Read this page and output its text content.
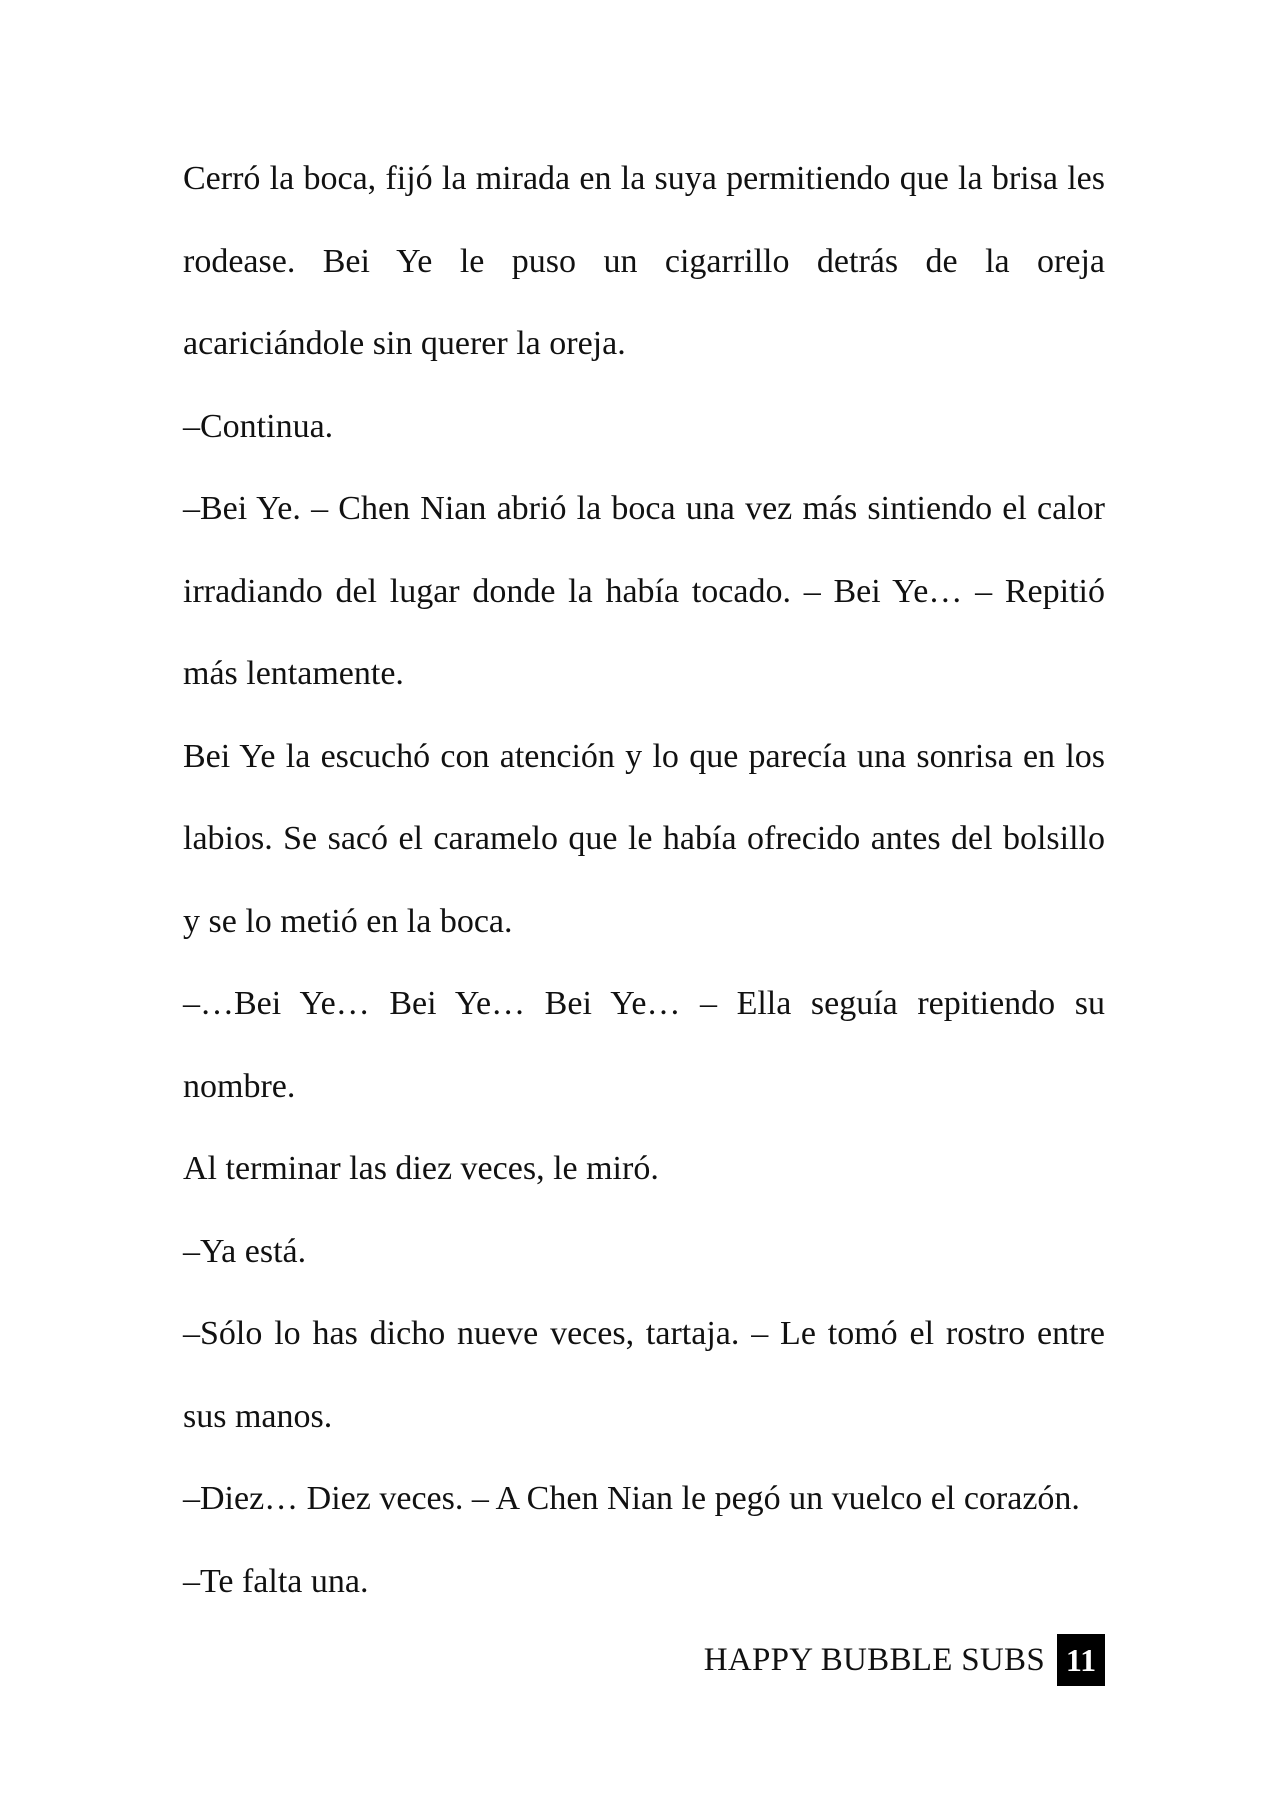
Cerró la boca, fijó la mirada en la suya permitiendo que la brisa les rodease. Bei Ye le puso un cigarrillo detrás de la oreja acariciándole sin querer la oreja.

–Continua.

–Bei Ye. – Chen Nian abrió la boca una vez más sintiendo el calor irradiando del lugar donde la había tocado. – Bei Ye… – Repitió más lentamente.

Bei Ye la escuchó con atención y lo que parecía una sonrisa en los labios. Se sacó el caramelo que le había ofrecido antes del bolsillo y se lo metió en la boca.

–…Bei Ye… Bei Ye… Bei Ye… – Ella seguía repitiendo su nombre.

Al terminar las diez veces, le miró.

–Ya está.

–Sólo lo has dicho nueve veces, tartaja. – Le tomó el rostro entre sus manos.

–Diez… Diez veces. – A Chen Nian le pegó un vuelco el corazón.

–Te falta una.

HAPPY BUBBLE SUBS 11
